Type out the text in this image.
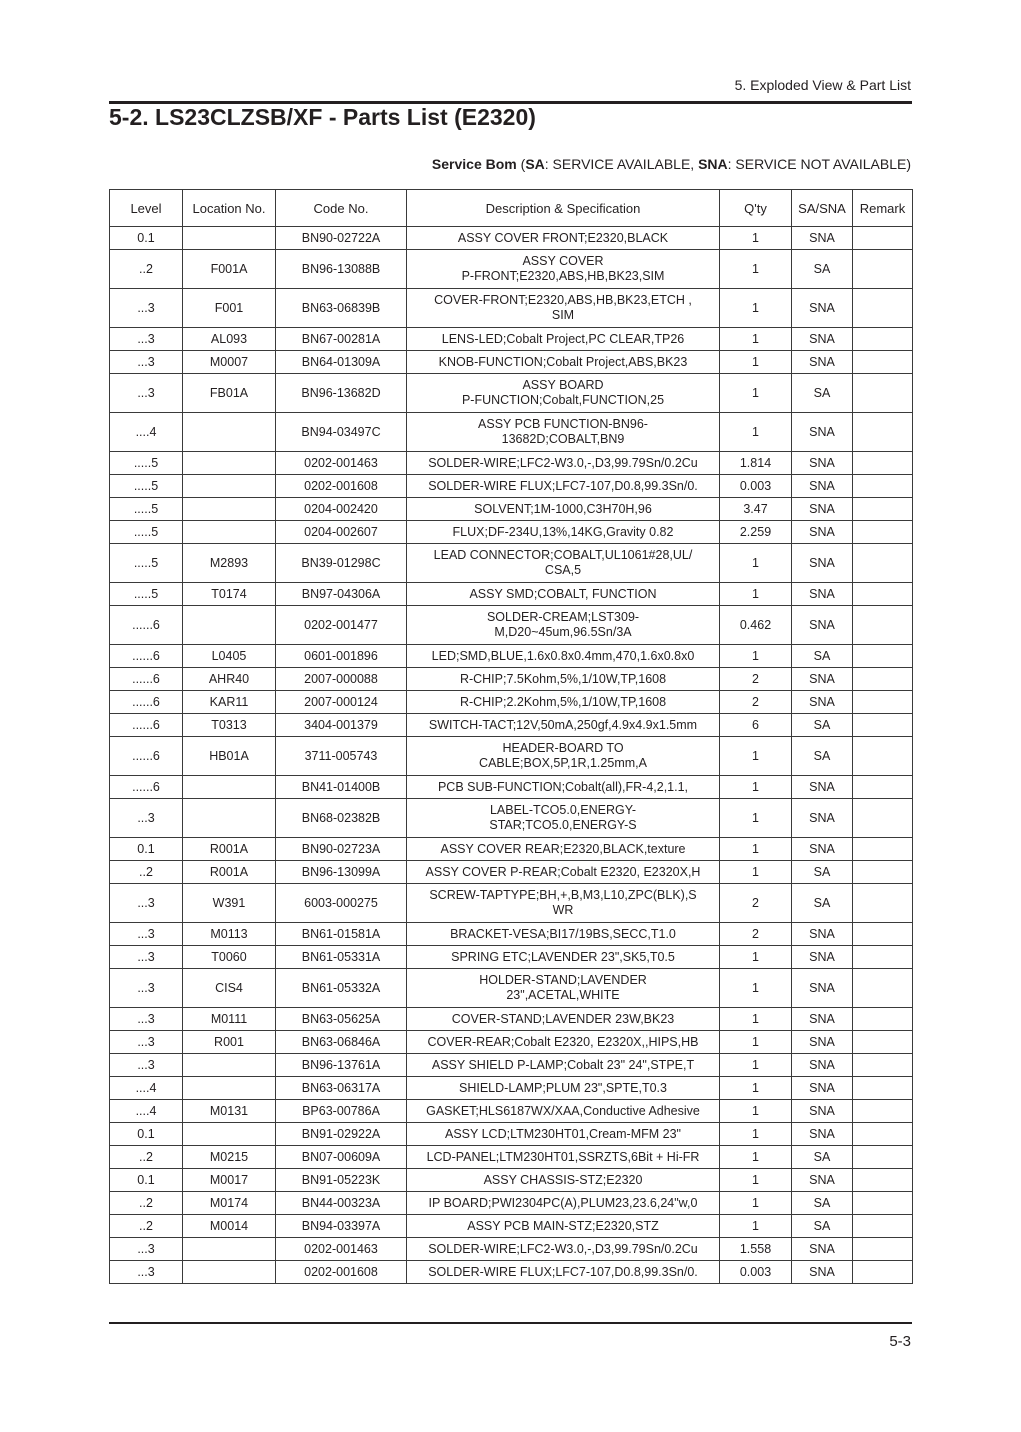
5. Exploded View & Part List
5-2. LS23CLZSB/XF - Parts List (E2320)
Service Bom (SA: SERVICE AVAILABLE, SNA: SERVICE NOT AVAILABLE)
Level	Location No.	Code No.	Description & Specification	Q'ty	SA/SNA	Remark
0.1		BN90-02722A	ASSY COVER FRONT;E2320,BLACK	1	SNA	
..2	F001A	BN96-13088B	ASSY COVER
P-FRONT;E2320,ABS,HB,BK23,SIM	1	SA	
...3	F001	BN63-06839B	COVER-FRONT;E2320,ABS,HB,BK23,ETCH ,
SIM	1	SNA	
...3	AL093	BN67-00281A	LENS-LED;Cobalt Project,PC CLEAR,TP26	1	SNA	
...3	M0007	BN64-01309A	KNOB-FUNCTION;Cobalt Project,ABS,BK23	1	SNA	
...3	FB01A	BN96-13682D	ASSY BOARD
P-FUNCTION;Cobalt,FUNCTION,25	1	SA	
....4		BN94-03497C	ASSY PCB FUNCTION-BN96-
13682D;COBALT,BN9	1	SNA	
.....5		0202-001463	SOLDER-WIRE;LFC2-W3.0,-,D3,99.79Sn/0.2Cu	1.814	SNA	
.....5		0202-001608	SOLDER-WIRE FLUX;LFC7-107,D0.8,99.3Sn/0.	0.003	SNA	
.....5		0204-002420	SOLVENT;1M-1000,C3H70H,96	3.47	SNA	
.....5		0204-002607	FLUX;DF-234U,13%,14KG,Gravity 0.82	2.259	SNA	
.....5	M2893	BN39-01298C	LEAD CONNECTOR;COBALT,UL1061#28,UL/
CSA,5	1	SNA	
.....5	T0174	BN97-04306A	ASSY SMD;COBALT, FUNCTION	1	SNA	
......6		0202-001477	SOLDER-CREAM;LST309-
M,D20~45um,96.5Sn/3A	0.462	SNA	
......6	L0405	0601-001896	LED;SMD,BLUE,1.6x0.8x0.4mm,470,1.6x0.8x0	1	SA	
......6	AHR40	2007-000088	R-CHIP;7.5Kohm,5%,1/10W,TP,1608	2	SNA	
......6	KAR11	2007-000124	R-CHIP;2.2Kohm,5%,1/10W,TP,1608	2	SNA	
......6	T0313	3404-001379	SWITCH-TACT;12V,50mA,250gf,4.9x4.9x1.5mm	6	SA	
......6	HB01A	3711-005743	HEADER-BOARD TO
CABLE;BOX,5P,1R,1.25mm,A	1	SA	
......6		BN41-01400B	PCB SUB-FUNCTION;Cobalt(all),FR-4,2,1.1,	1	SNA	
...3		BN68-02382B	LABEL-TCO5.0,ENERGY-
STAR;TCO5.0,ENERGY-S	1	SNA	
0.1	R001A	BN90-02723A	ASSY COVER REAR;E2320,BLACK,texture	1	SNA	
..2	R001A	BN96-13099A	ASSY COVER P-REAR;Cobalt E2320, E2320X,H	1	SA	
...3	W391	6003-000275	SCREW-TAPTYPE;BH,+,B,M3,L10,ZPC(BLK),S
WR	2	SA	
...3	M0113	BN61-01581A	BRACKET-VESA;BI17/19BS,SECC,T1.0	2	SNA	
...3	T0060	BN61-05331A	SPRING ETC;LAVENDER 23",SK5,T0.5	1	SNA	
...3	CIS4	BN61-05332A	HOLDER-STAND;LAVENDER
23",ACETAL,WHITE	1	SNA	
...3	M0111	BN63-05625A	COVER-STAND;LAVENDER 23W,BK23	1	SNA	
...3	R001	BN63-06846A	COVER-REAR;Cobalt E2320, E2320X,,HIPS,HB	1	SNA	
...3		BN96-13761A	ASSY SHIELD P-LAMP;Cobalt 23" 24",STPE,T	1	SNA	
....4		BN63-06317A	SHIELD-LAMP;PLUM 23",SPTE,T0.3	1	SNA	
....4	M0131	BP63-00786A	GASKET;HLS6187WX/XAA,Conductive Adhesive	1	SNA	
0.1		BN91-02922A	ASSY LCD;LTM230HT01,Cream-MFM 23"	1	SNA	
..2	M0215	BN07-00609A	LCD-PANEL;LTM230HT01,SSRZTS,6Bit + Hi-FR	1	SA	
0.1	M0017	BN91-05223K	ASSY CHASSIS-STZ;E2320	1	SNA	
..2	M0174	BN44-00323A	IP BOARD;PWI2304PC(A),PLUM23,23.6,24"w,0	1	SA	
..2	M0014	BN94-03397A	ASSY PCB MAIN-STZ;E2320,STZ	1	SA	
...3		0202-001463	SOLDER-WIRE;LFC2-W3.0,-,D3,99.79Sn/0.2Cu	1.558	SNA	
...3		0202-001608	SOLDER-WIRE FLUX;LFC7-107,D0.8,99.3Sn/0.	0.003	SNA	
5-3
